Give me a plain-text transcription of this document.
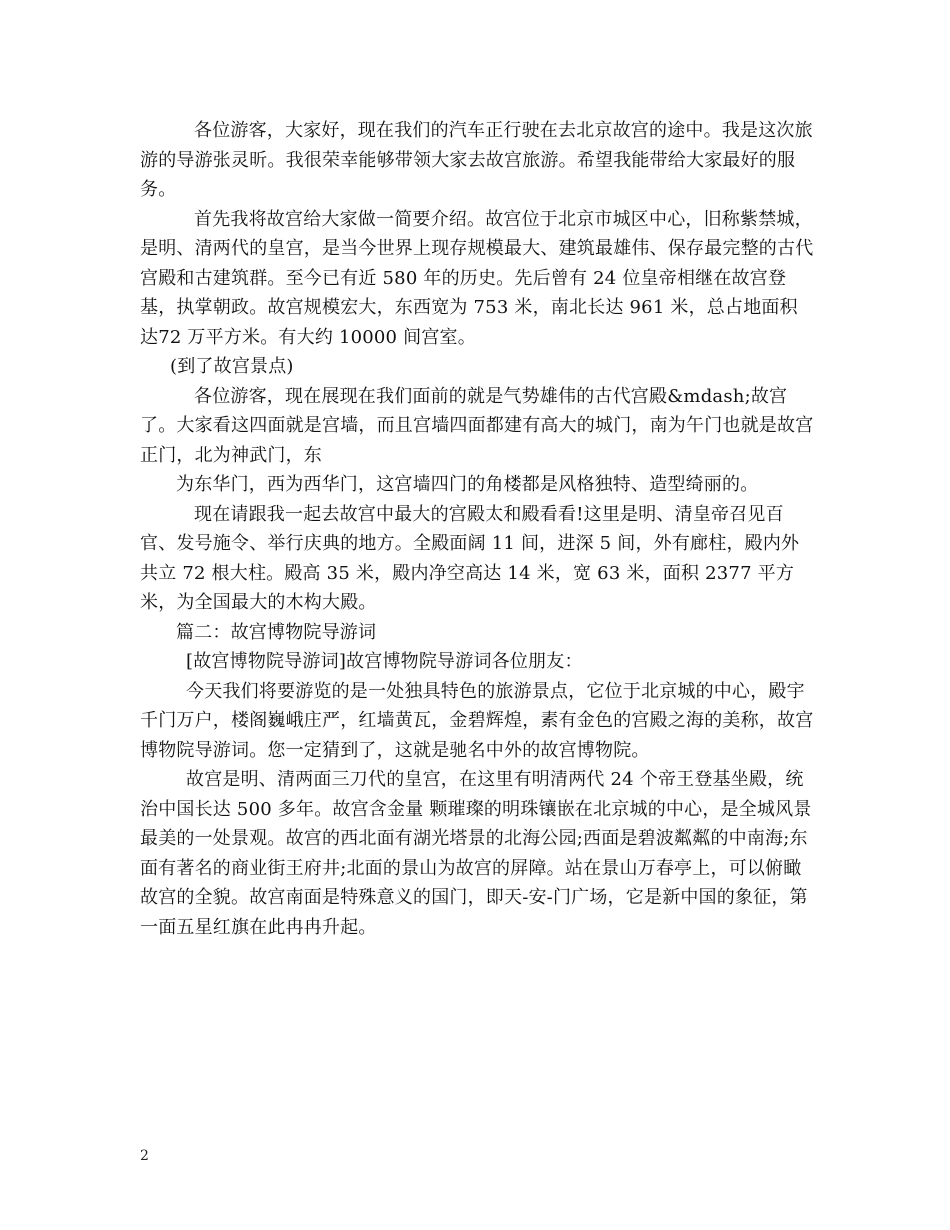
各位游客，大家好，现在我们的汽车正行驶在去北京故宫的途中。我是这次旅游的导游张灵昕。我很荣幸能够带领大家去故宫旅游。希望我能带给大家最好的服务。

首先我将故宫给大家做一简要介绍。故宫位于北京市城区中心，旧称紫禁城，是明、清两代的皇宫，是当今世界上现存规模最大、建筑最雄伟、保存最完整的古代宫殿和古建筑群。至今已有近 580 年的历史。先后曾有 24 位皇帝相继在故宫登基，执掌朝政。故宫规模宏大，东西宽为 753 米，南北长达 961 米，总占地面积达72 万平方米。有大约 10000 间宫室。

(到了故宫景点)

各位游客，现在展现在我们面前的就是气势雄伟的古代宫殿&mdash;故宫了。大家看这四面就是宫墙，而且宫墙四面都建有高大的城门，南为午门也就是故宫正门，北为神武门，东

为东华门，西为西华门，这宫墙四门的角楼都是风格独特、造型绮丽的。

现在请跟我一起去故宫中最大的宫殿太和殿看看!这里是明、清皇帝召见百官、发号施令、举行庆典的地方。全殿面阔 11 间，进深 5 间，外有廊柱，殿内外共立 72 根大柱。殿高 35 米，殿内净空高达 14 米，宽 63 米，面积 2377 平方米，为全国最大的木构大殿。

篇二：故宫博物院导游词

[故宫博物院导游词]故宫博物院导游词各位朋友：

今天我们将要游览的是一处独具特色的旅游景点，它位于北京城的中心，殿宇千门万户，楼阁巍峨庄严，红墙黄瓦，金碧辉煌，素有金色的宫殿之海的美称，故宫博物院导游词。您一定猜到了，这就是驰名中外的故宫博物院。

故宫是明、清两面三刀代的皇宫，在这里有明清两代 24 个帝王登基坐殿，统治中国长达 500 多年。故宫含金量 颗璀璨的明珠镶嵌在北京城的中心，是全城风景最美的一处景观。故宫的西北面有湖光塔景的北海公园;西面是碧波粼粼的中南海;东面有著名的商业街王府井;北面的景山为故宫的屏障。站在景山万春亭上，可以俯瞰故宫的全貌。故宫南面是特殊意义的国门，即天-安-门广场，它是新中国的象征，第一面五星红旗在此冉冉升起。

2
